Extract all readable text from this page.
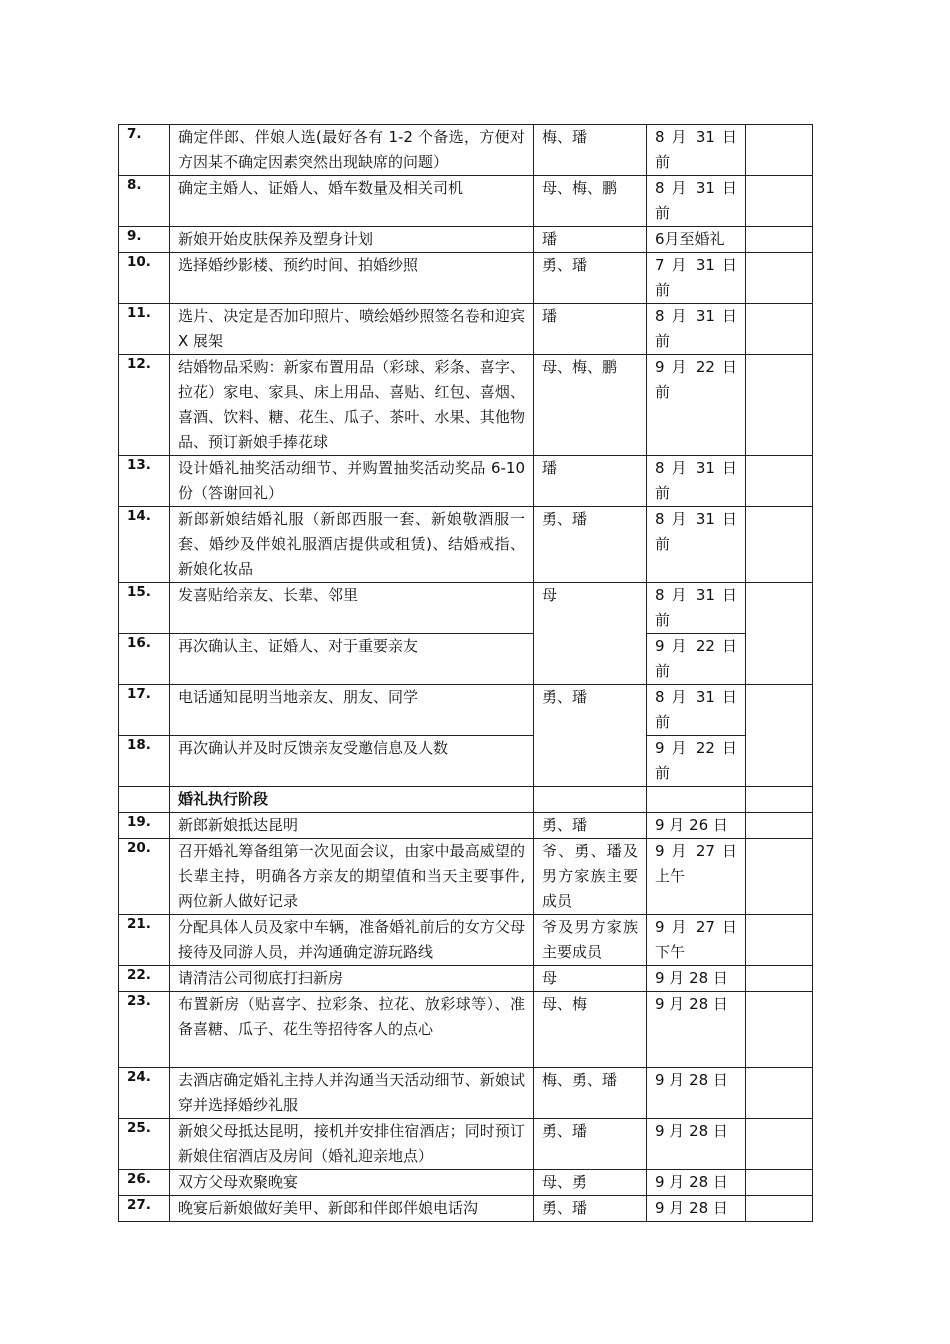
7.	确定伴郎、伴娘人选(最好各有 1-2 个备选，方便对方因某不确定因素突然出现缺席的问题）	梅、璠	8 月 31 日前	
8.	确定主婚人、证婚人、婚车数量及相关司机	母、梅、鹏	8 月 31 日前	
9.	新娘开始皮肤保养及塑身计划	璠	6月至婚礼	
10.	选择婚纱影楼、预约时间、拍婚纱照	勇、璠	7 月 31 日前	
11.	选片、决定是否加印照片、喷绘婚纱照签名卷和迎宾 X 展架	璠	8 月 31 日前	
12.	结婚物品采购：新家布置用品（彩球、彩条、喜字、拉花）家电、家具、床上用品、喜贴、红包、喜烟、喜酒、饮料、糖、花生、瓜子、茶叶、水果、其他物品、预订新娘手捧花球	母、梅、鹏	9 月 22 日前	
13.	设计婚礼抽奖活动细节、并购置抽奖活动奖品 6-10 份（答谢回礼）	璠	8 月 31 日前	
14.	新郎新娘结婚礼服（新郎西服一套、新娘敬酒服一套、婚纱及伴娘礼服酒店提供或租赁)、结婚戒指、新娘化妆品	勇、璠	8 月 31 日前	
15.	发喜贴给亲友、长辈、邻里	母	8 月 31 日前	
16.	再次确认主、证婚人、对于重要亲友		9 月 22 日前	
17.	电话通知昆明当地亲友、朋友、同学	勇、璠	8 月 31 日前	
18.	再次确认并及时反馈亲友受邀信息及人数		9 月 22 日前	
	婚礼执行阶段			
19.	新郎新娘抵达昆明	勇、璠	9 月 26 日	
20.	召开婚礼筹备组第一次见面会议，由家中最高威望的长辈主持，明确各方亲友的期望值和当天主要事件,两位新人做好记录	爷、勇、璠及男方家族主要成员	9 月 27 日上午	
21.	分配具体人员及家中车辆，准备婚礼前后的女方父母接待及同游人员，并沟通确定游玩路线	爷及男方家族主要成员	9 月 27 日下午	
22.	请清洁公司彻底打扫新房	母	9 月 28 日	
23.	布置新房（贴喜字、拉彩条、拉花、放彩球等）、准备喜糖、瓜子、花生等招待客人的点心	母、梅	9 月 28 日	
24.	去酒店确定婚礼主持人并沟通当天活动细节、新娘试穿并选择婚纱礼服	梅、勇、璠	9 月 28 日	
25.	新娘父母抵达昆明，接机并安排住宿酒店；同时预订新娘住宿酒店及房间（婚礼迎亲地点）	勇、璠	9 月 28 日	
26.	双方父母欢聚晚宴	母、勇	9 月 28 日	
27.	晚宴后新娘做好美甲、新郎和伴郎伴娘电话沟	勇、璠	9 月 28 日	
